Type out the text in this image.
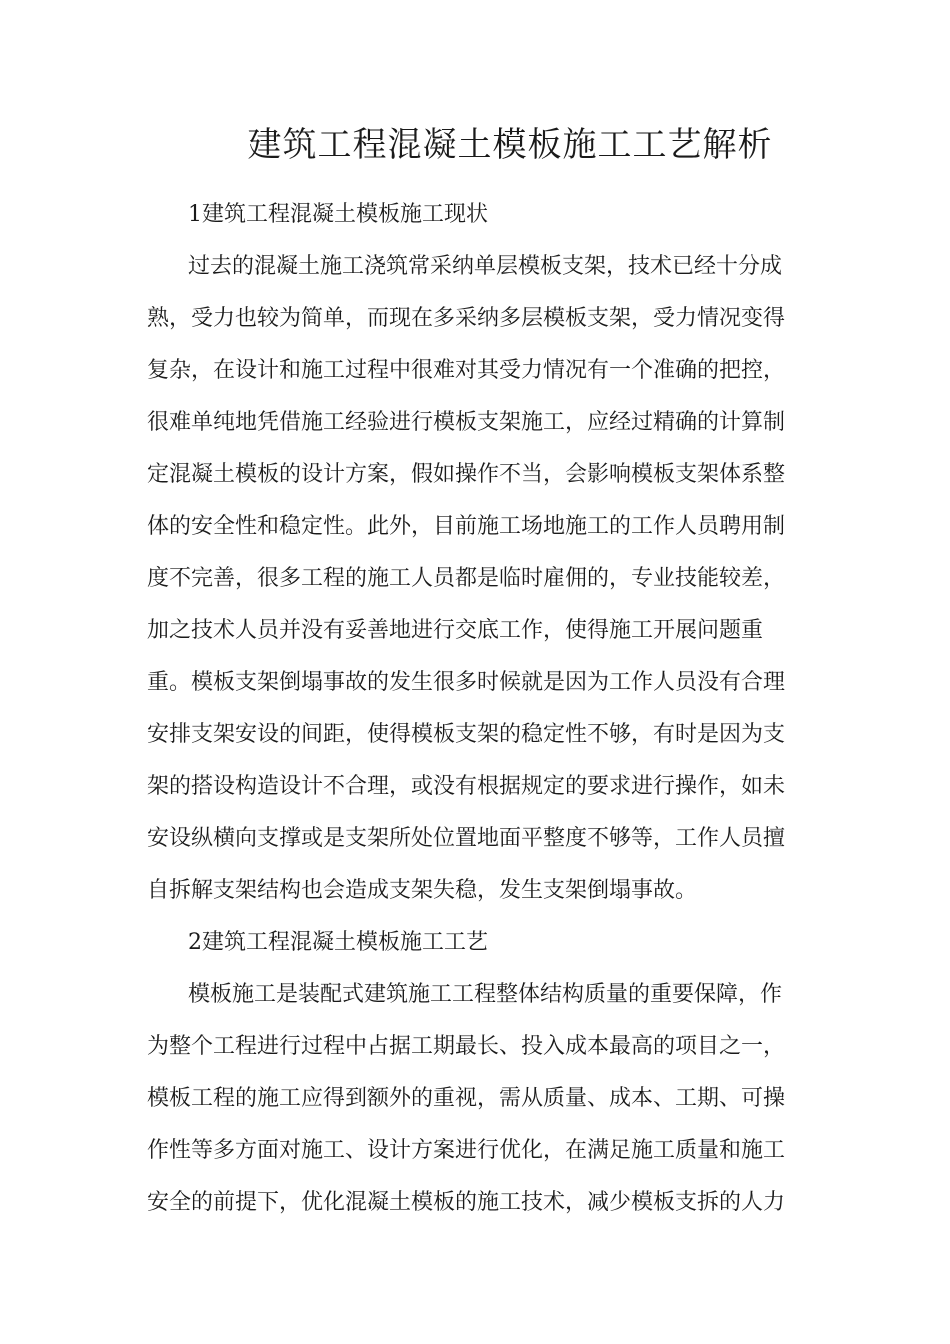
建筑工程混凝土模板施工工艺解析
1建筑工程混凝土模板施工现状
过去的混凝土施工浇筑常采纳单层模板支架，技术已经十分成
熟，受力也较为简单，而现在多采纳多层模板支架，受力情况变得
复杂，在设计和施工过程中很难对其受力情况有一个准确的把控，
很难单纯地凭借施工经验进行模板支架施工，应经过精确的计算制
定混凝土模板的设计方案，假如操作不当，会影响模板支架体系整
体的安全性和稳定性。此外，目前施工场地施工的工作人员聘用制
度不完善，很多工程的施工人员都是临时雇佣的，专业技能较差，
加之技术人员并没有妥善地进行交底工作，使得施工开展问题重
重。模板支架倒塌事故的发生很多时候就是因为工作人员没有合理
安排支架安设的间距，使得模板支架的稳定性不够，有时是因为支
架的搭设构造设计不合理，或没有根据规定的要求进行操作，如未
安设纵横向支撑或是支架所处位置地面平整度不够等，工作人员擅
自拆解支架结构也会造成支架失稳，发生支架倒塌事故。
2建筑工程混凝土模板施工工艺
模板施工是装配式建筑施工工程整体结构质量的重要保障，作
为整个工程进行过程中占据工期最长、投入成本最高的项目之一，
模板工程的施工应得到额外的重视，需从质量、成本、工期、可操
作性等多方面对施工、设计方案进行优化，在满足施工质量和施工
安全的前提下，优化混凝土模板的施工技术，减少模板支拆的人力
